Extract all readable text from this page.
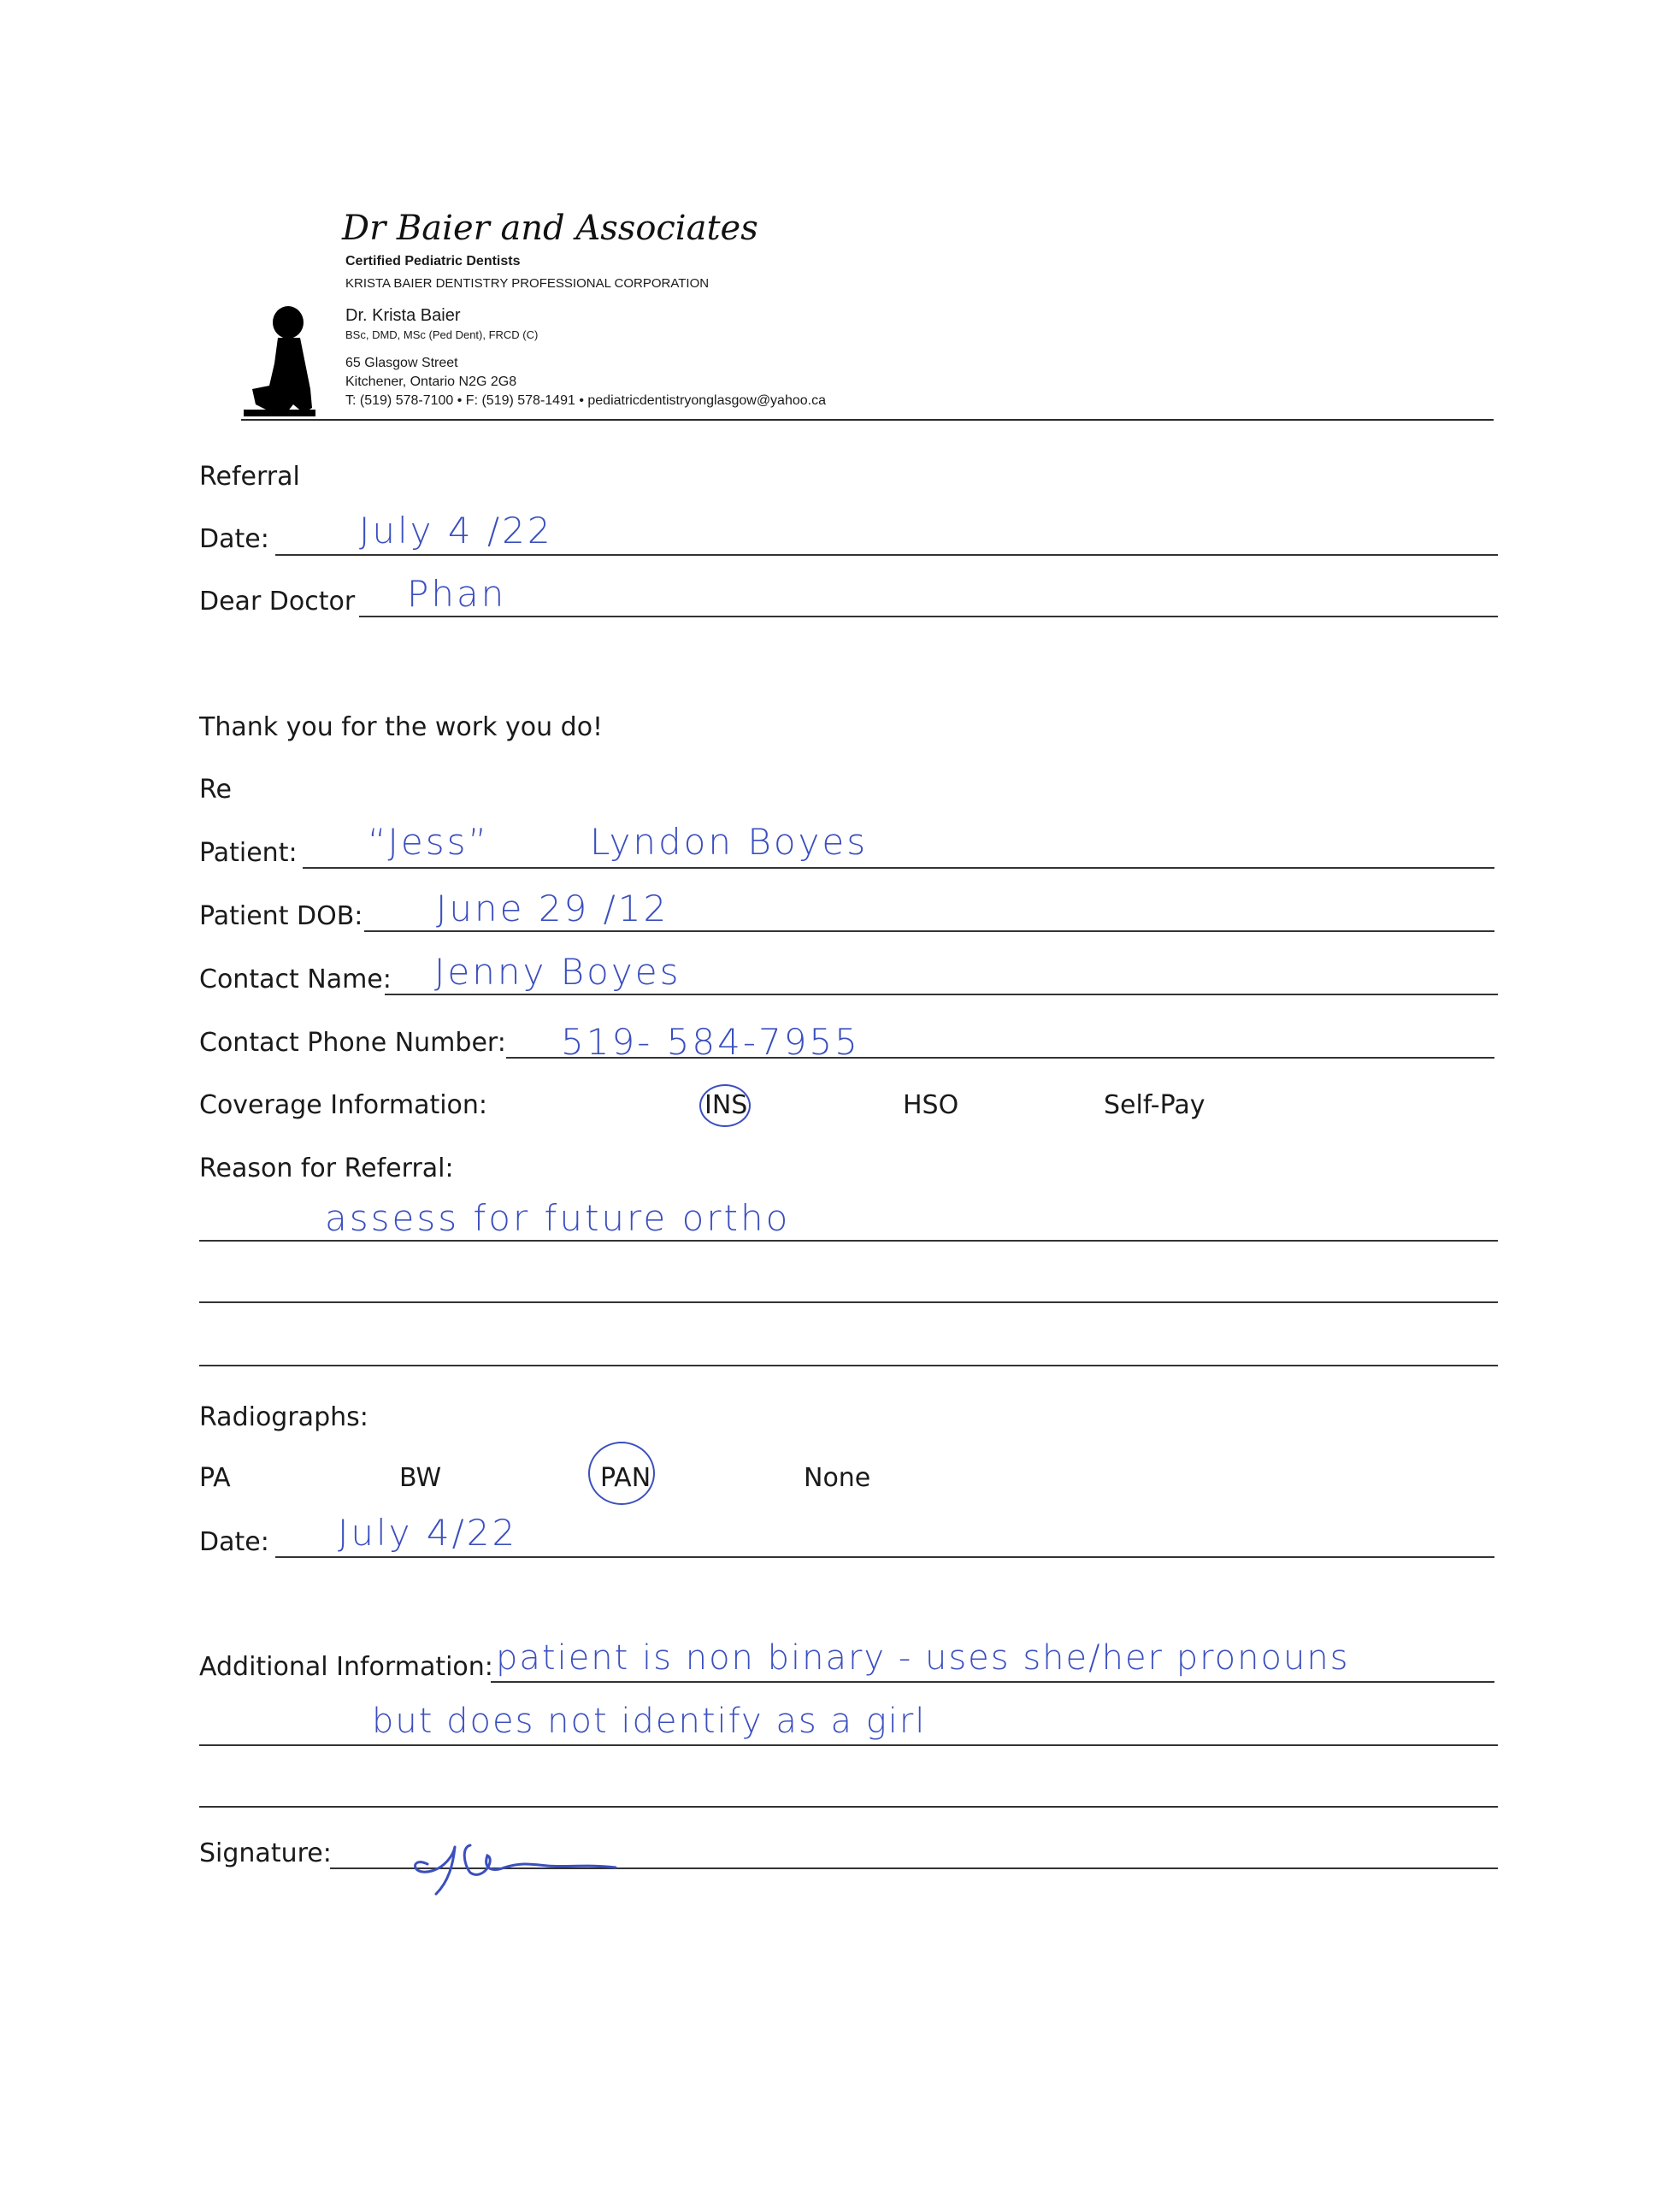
Dr Baier and Associates
Certified Pediatric Dentists
KRISTA BAIER DENTISTRY PROFESSIONAL CORPORATION
Dr. Krista Baier
BSc, DMD, MSc (Ped Dent), FRCD (C)
65 Glasgow Street
Kitchener, Ontario N2G 2G8
T: (519) 578-7100 • F: (519) 578-1491 • pediatricdentistryonglasgow@yahoo.ca
Referral
Date:	July 4 /22
Dear Doctor Phan
Thank you for the work you do!
Re
Patient: “Jess”	Lyndon Boyes
Patient DOB: June 29 /12
Contact Name: Jenny Boyes
Contact Phone Number: 519- 584-7955
Coverage Information:	INS	HSO	Self-Pay
Reason for Referral:
assess for future ortho
Radiographs:
PA	BW	PAN	None
Date: July 4/22
Additional Information: patient is non binary - uses she/her pronouns
but does not identify as a girl
Signature:
